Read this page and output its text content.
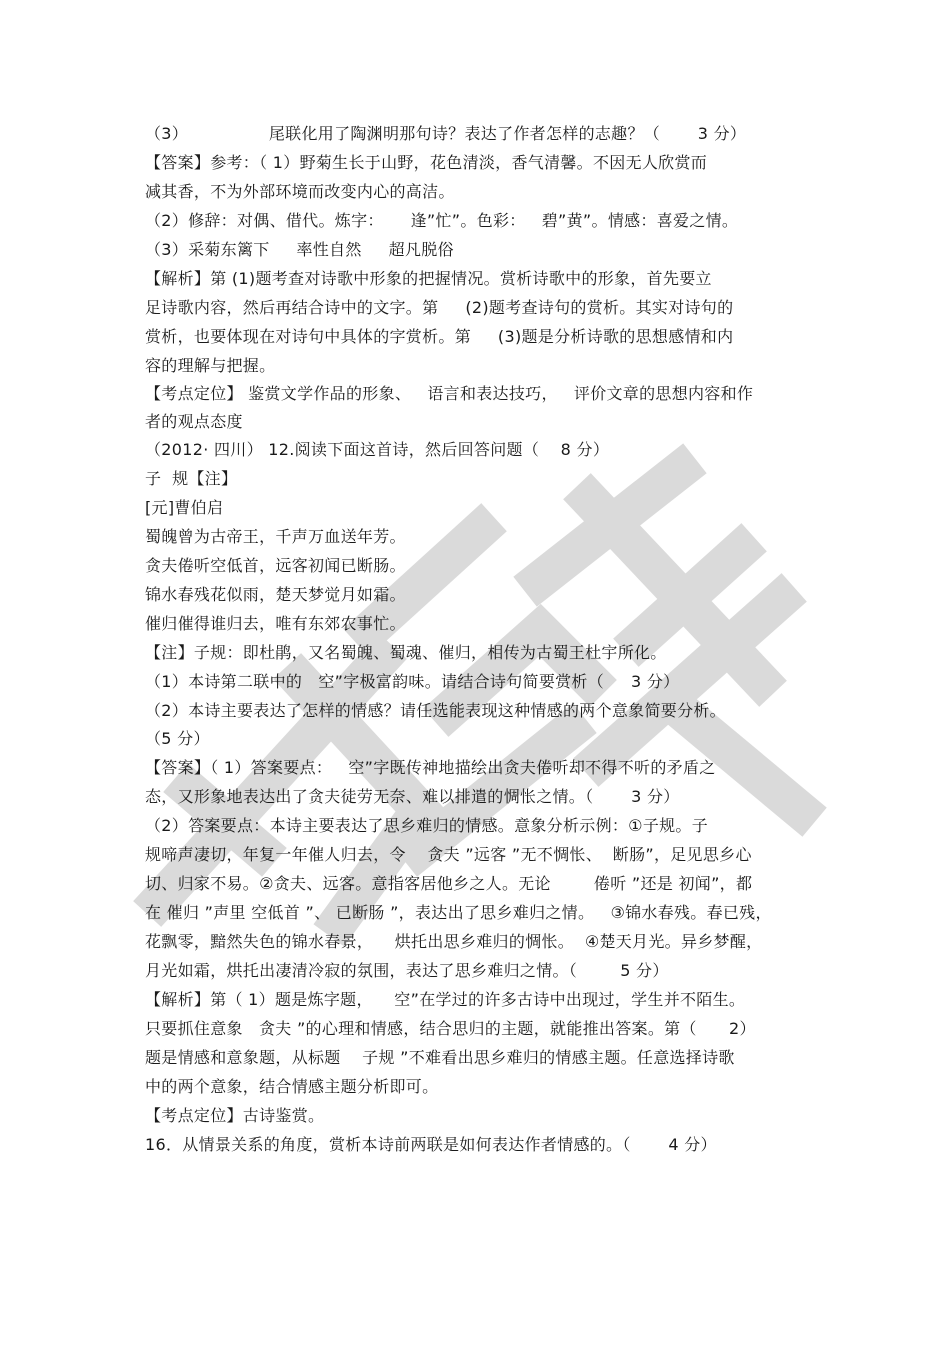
（3）               尾联化用了陶渊明那句诗？表达了作者怎样的志趣？（       3 分）
【答案】参考：（ 1）野菊生长于山野，花色清淡，香气清馨。不因无人欣赏而
减其香，不为外部环境而改变内心的高洁。
（2）修辞：对偶、借代。炼字：     逢”忙”。色彩：   碧”黄”。情感：喜爱之情。
（3）采菊东篱下     率性自然     超凡脱俗
【解析】第 (1)题考查对诗歌中形象的把握情况。赏析诗歌中的形象，首先要立
足诗歌内容，然后再结合诗中的文字。第     (2)题考查诗句的赏析。其实对诗句的
赏析，也要体现在对诗句中具体的字赏析。第     (3)题是分析诗歌的思想感情和内
容的理解与把握。
【考点定位】 鉴赏文学作品的形象、   语言和表达技巧，   评价文章的思想内容和作
者的观点态度
（2012· 四川） 12.阅读下面这首诗，然后回答问题（    8 分）
子  规【注】
[元]曹伯启
蜀魄曾为古帝王，千声万血送年芳。
贪夫倦听空低首，远客初闻已断肠。
锦水春残花似雨，楚天梦觉月如霜。
催归催得谁归去，唯有东郊农事忙。
【注】子规：即杜鹃，又名蜀魄、蜀魂、催归，相传为古蜀王杜宇所化。
（1）本诗第二联中的   空”字极富韵味。请结合诗句简要赏析（     3 分）
（2）本诗主要表达了怎样的情感？请任选能表现这种情感的两个意象简要分析。
（5 分）
【答案】（ 1）答案要点：   空”字既传神地描绘出贪夫倦听却不得不听的矛盾之
态，又形象地表达出了贪夫徒劳无奈、难以排遣的惆怅之情。（       3 分）
（2）答案要点：本诗主要表达了思乡难归的情感。意象分析示例：①子规。子
规啼声凄切，年复一年催人归去，令    贪夫 ”远客 ”无不惆怅、  断肠”，足见思乡心
切、归家不易。②贪夫、远客。意指客居他乡之人。无论        倦听 ”还是 初闻”，都
在 催归 ”声里 空低首 ”、 已断肠 ”，表达出了思乡难归之情。   ③锦水春残。春已残，
花飘零，黯然失色的锦水春景，    烘托出思乡难归的惆怅。  ④楚天月光。异乡梦醒，
月光如霜，烘托出凄清冷寂的氛围，表达了思乡难归之情。（        5 分）
【解析】第（ 1）题是炼字题，    空”在学过的许多古诗中出现过，学生并不陌生。
只要抓住意象   贪夫 ”的心理和情感，结合思归的主题，就能推出答案。第（      2）
题是情感和意象题，从标题    子规 ”不难看出思乡难归的情感主题。任意选择诗歌
中的两个意象，结合情感主题分析即可。
【考点定位】古诗鉴赏。
16．从情景关系的角度，赏析本诗前两联是如何表达作者情感的。（       4 分）
